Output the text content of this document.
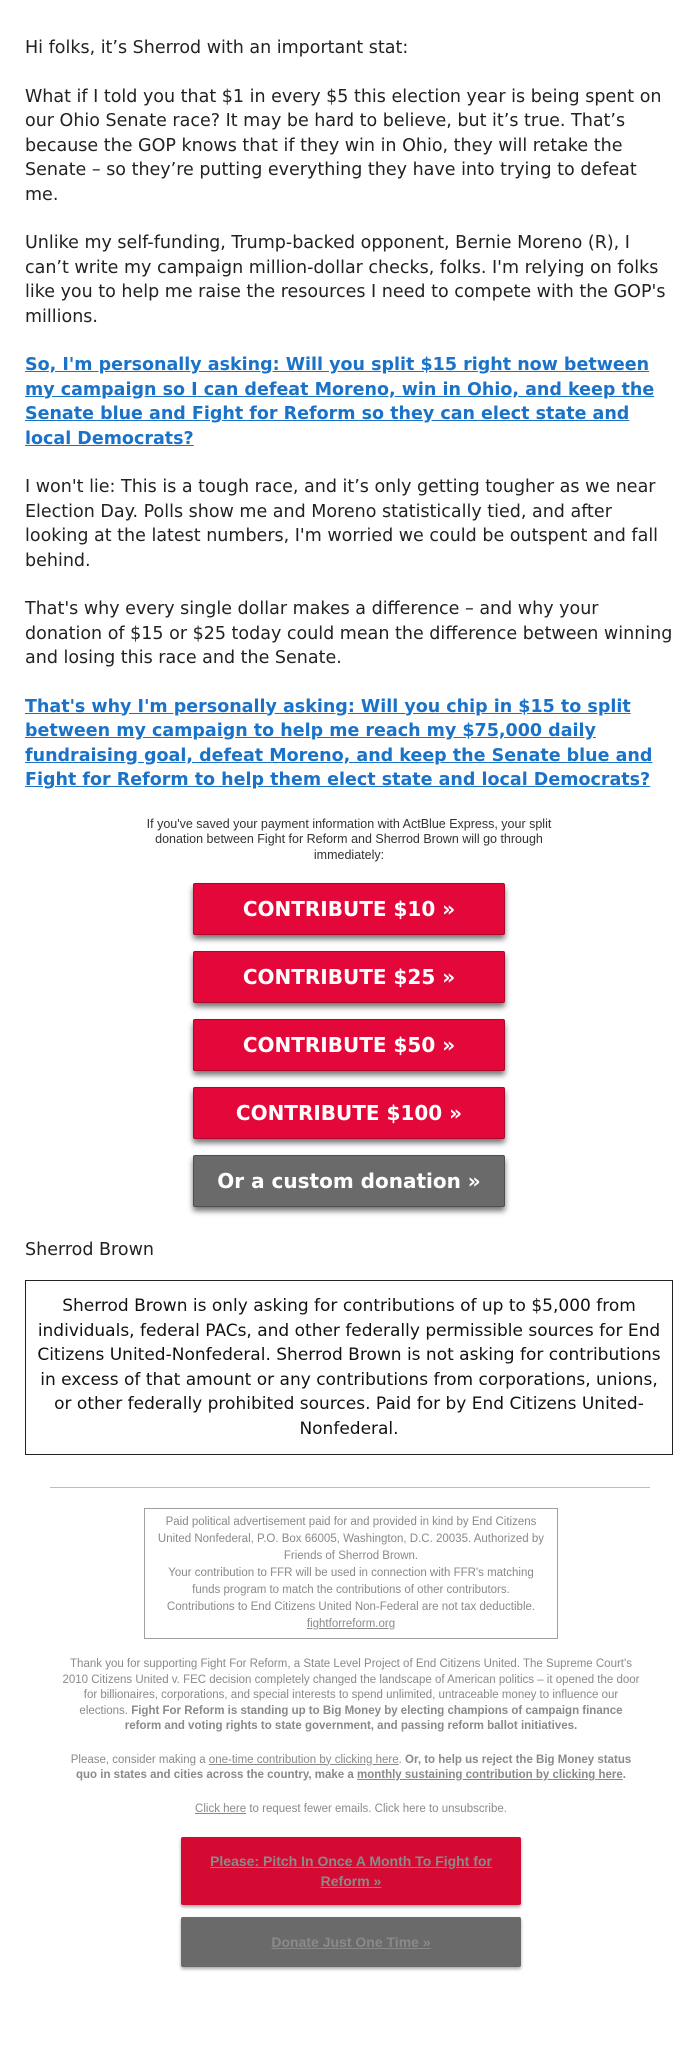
Hi folks, it’s Sherrod with an important stat:

What if I told you that $1 in every $5 this election year is being spent on our Ohio Senate race? It may be hard to believe, but it’s true. That’s because the GOP knows that if they win in Ohio, they will retake the Senate – so they’re putting everything they have into trying to defeat me.

Unlike my self-funding, Trump-backed opponent, Bernie Moreno (R), I can’t write my campaign million-dollar checks, folks. I'm relying on folks like you to help me raise the resources I need to compete with the GOP's millions.

So, I'm personally asking: Will you split $15 right now between my campaign so I can defeat Moreno, win in Ohio, and keep the Senate blue and Fight for Reform so they can elect state and local Democrats?

I won't lie: This is a tough race, and it’s only getting tougher as we near Election Day. Polls show me and Moreno statistically tied, and after looking at the latest numbers, I'm worried we could be outspent and fall behind.

That's why every single dollar makes a difference – and why your donation of $15 or $25 today could mean the difference between winning and losing this race and the Senate.

That's why I'm personally asking: Will you chip in $15 to split between my campaign to help me reach my $75,000 daily fundraising goal, defeat Moreno, and keep the Senate blue and Fight for Reform to help them elect state and local Democrats?

If you've saved your payment information with ActBlue Express, your split donation between Fight for Reform and Sherrod Brown will go through immediately:
CONTRIBUTE $10 »
CONTRIBUTE $25 »
CONTRIBUTE $50 »
CONTRIBUTE $100 »
Or a custom donation »
Sherrod Brown
Sherrod Brown is only asking for contributions of up to $5,000 from individuals, federal PACs, and other federally permissible sources for End Citizens United-Nonfederal. Sherrod Brown is not asking for contributions in excess of that amount or any contributions from corporations, unions, or other federally prohibited sources. Paid for by End Citizens United-Nonfederal.
Paid political advertisement paid for and provided in kind by End Citizens United Nonfederal, P.O. Box 66005, Washington, D.C. 20035. Authorized by Friends of Sherrod Brown.
Your contribution to FFR will be used in connection with FFR's matching funds program to match the contributions of other contributors.
Contributions to End Citizens United Non-Federal are not tax deductible.
fightforreform.org

Thank you for supporting Fight For Reform, a State Level Project of End Citizens United. The Supreme Court's 2010 Citizens United v. FEC decision completely changed the landscape of American politics – it opened the door for billionaires, corporations, and special interests to spend unlimited, untraceable money to influence our elections. Fight For Reform is standing up to Big Money by electing champions of campaign finance reform and voting rights to state government, and passing reform ballot initiatives.

Please, consider making a one-time contribution by clicking here. Or, to help us reject the Big Money status quo in states and cities across the country, make a monthly sustaining contribution by clicking here.

Click here to request fewer emails. Click here to unsubscribe.

Please: Pitch In Once A Month To Fight for Reform »
Donate Just One Time »
